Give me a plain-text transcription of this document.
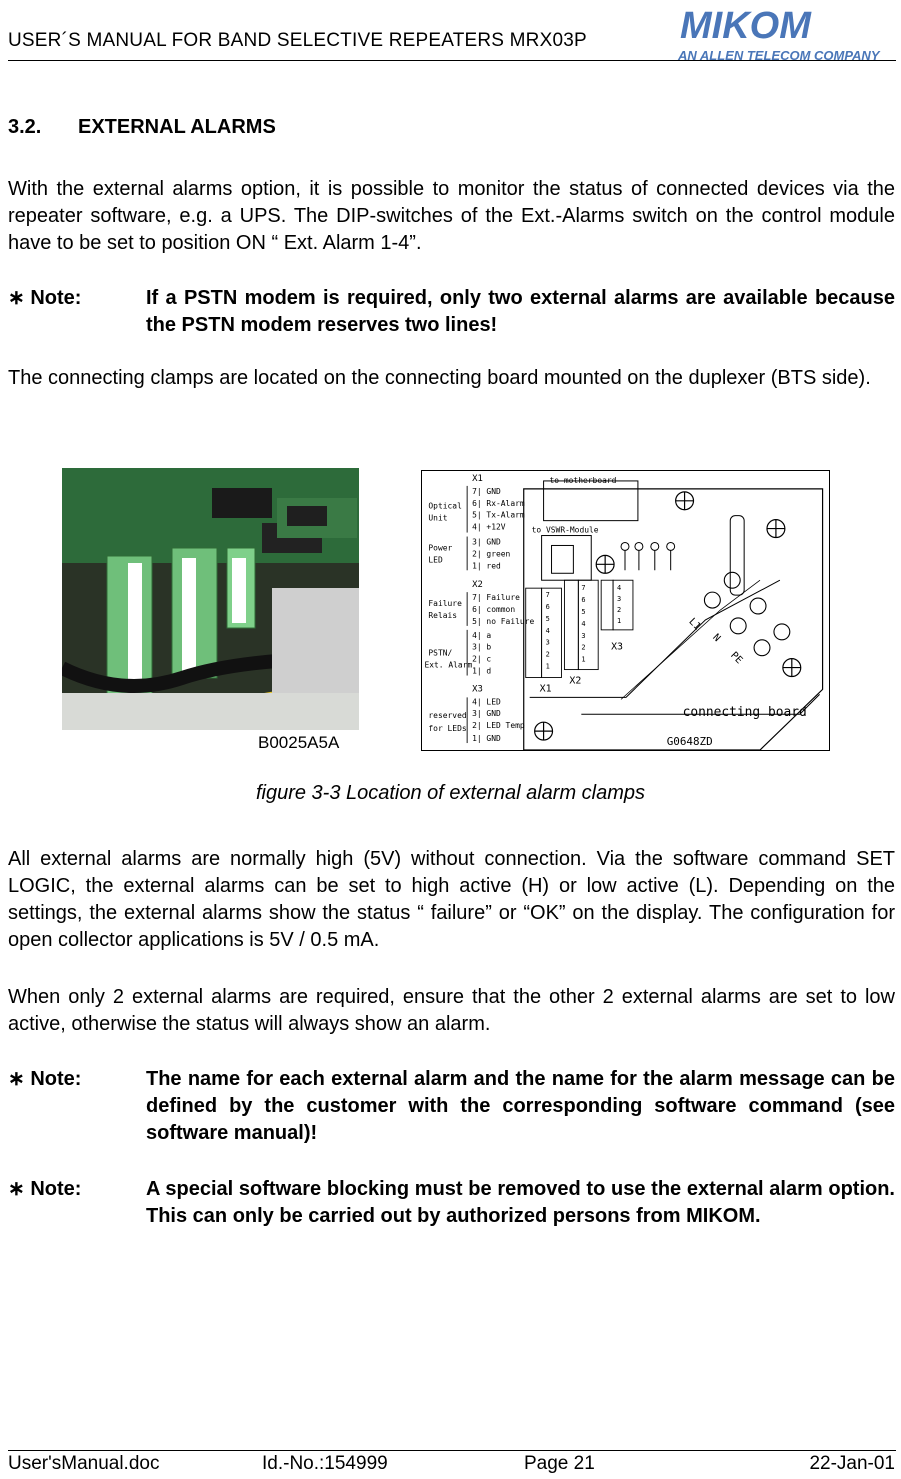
USER´S MANUAL FOR BAND SELECTIVE REPEATERS MRX03P MIKOM
AN ALLEN TELECOM COMPANY
3.2. EXTERNAL ALARMS
With the external alarms option, it is possible to monitor the status of connected devices via the repeater software, e.g. a UPS. The DIP-switches of the Ext.-Alarms switch on the control module have to be set to position ON “ Ext. Alarm 1-4”.
∗ Note:	If a PSTN modem is required, only two external alarms are available because the PSTN modem reserves two lines!
The connecting clamps are located on the connecting board mounted on the duplexer (BTS side).
B0025A5A
7
6
5
4
3
2
1
7
6
5
4
3
2
1
4
3
2
1
X1
X2
X3
L1
N
PE
to motherboard
to VSWR-Module
connecting board
G0648ZD
X1
7| GND
6| Rx-Alarm
5| Tx-Alarm
4| +12V
3| GND
2| green
1| red
X2
7| Failure
6| common
5| no Failure
4| a
3| b
2| c
1| d
X3
4| LED
3| GND
2| LED Temp
1| GND
Optical
Unit
Power
LED
Failure
Relais
PSTN/
Ext. Alarm
reserved
for LEDs
figure 3-3 Location of external alarm clamps
All external alarms are normally high (5V) without connection. Via the software command SET LOGIC, the external alarms can be set to high active (H) or low active (L). Depending on the settings, the external alarms show the status “ failure” or “OK” on the display. The configuration for open collector applications is 5V / 0.5 mA.
When only 2 external alarms are required, ensure that the other 2 external alarms are set to low active, otherwise the status will always show an alarm.
∗ Note:	The name for each external alarm and the name for the alarm message can be defined by the customer with the corresponding software command (see software manual)!
∗ Note:	A special software blocking must be removed to use the external alarm option. This can only be carried out by authorized persons from MIKOM.
User'sManual.doc	Id.-No.:154999	Page 21	22-Jan-01
